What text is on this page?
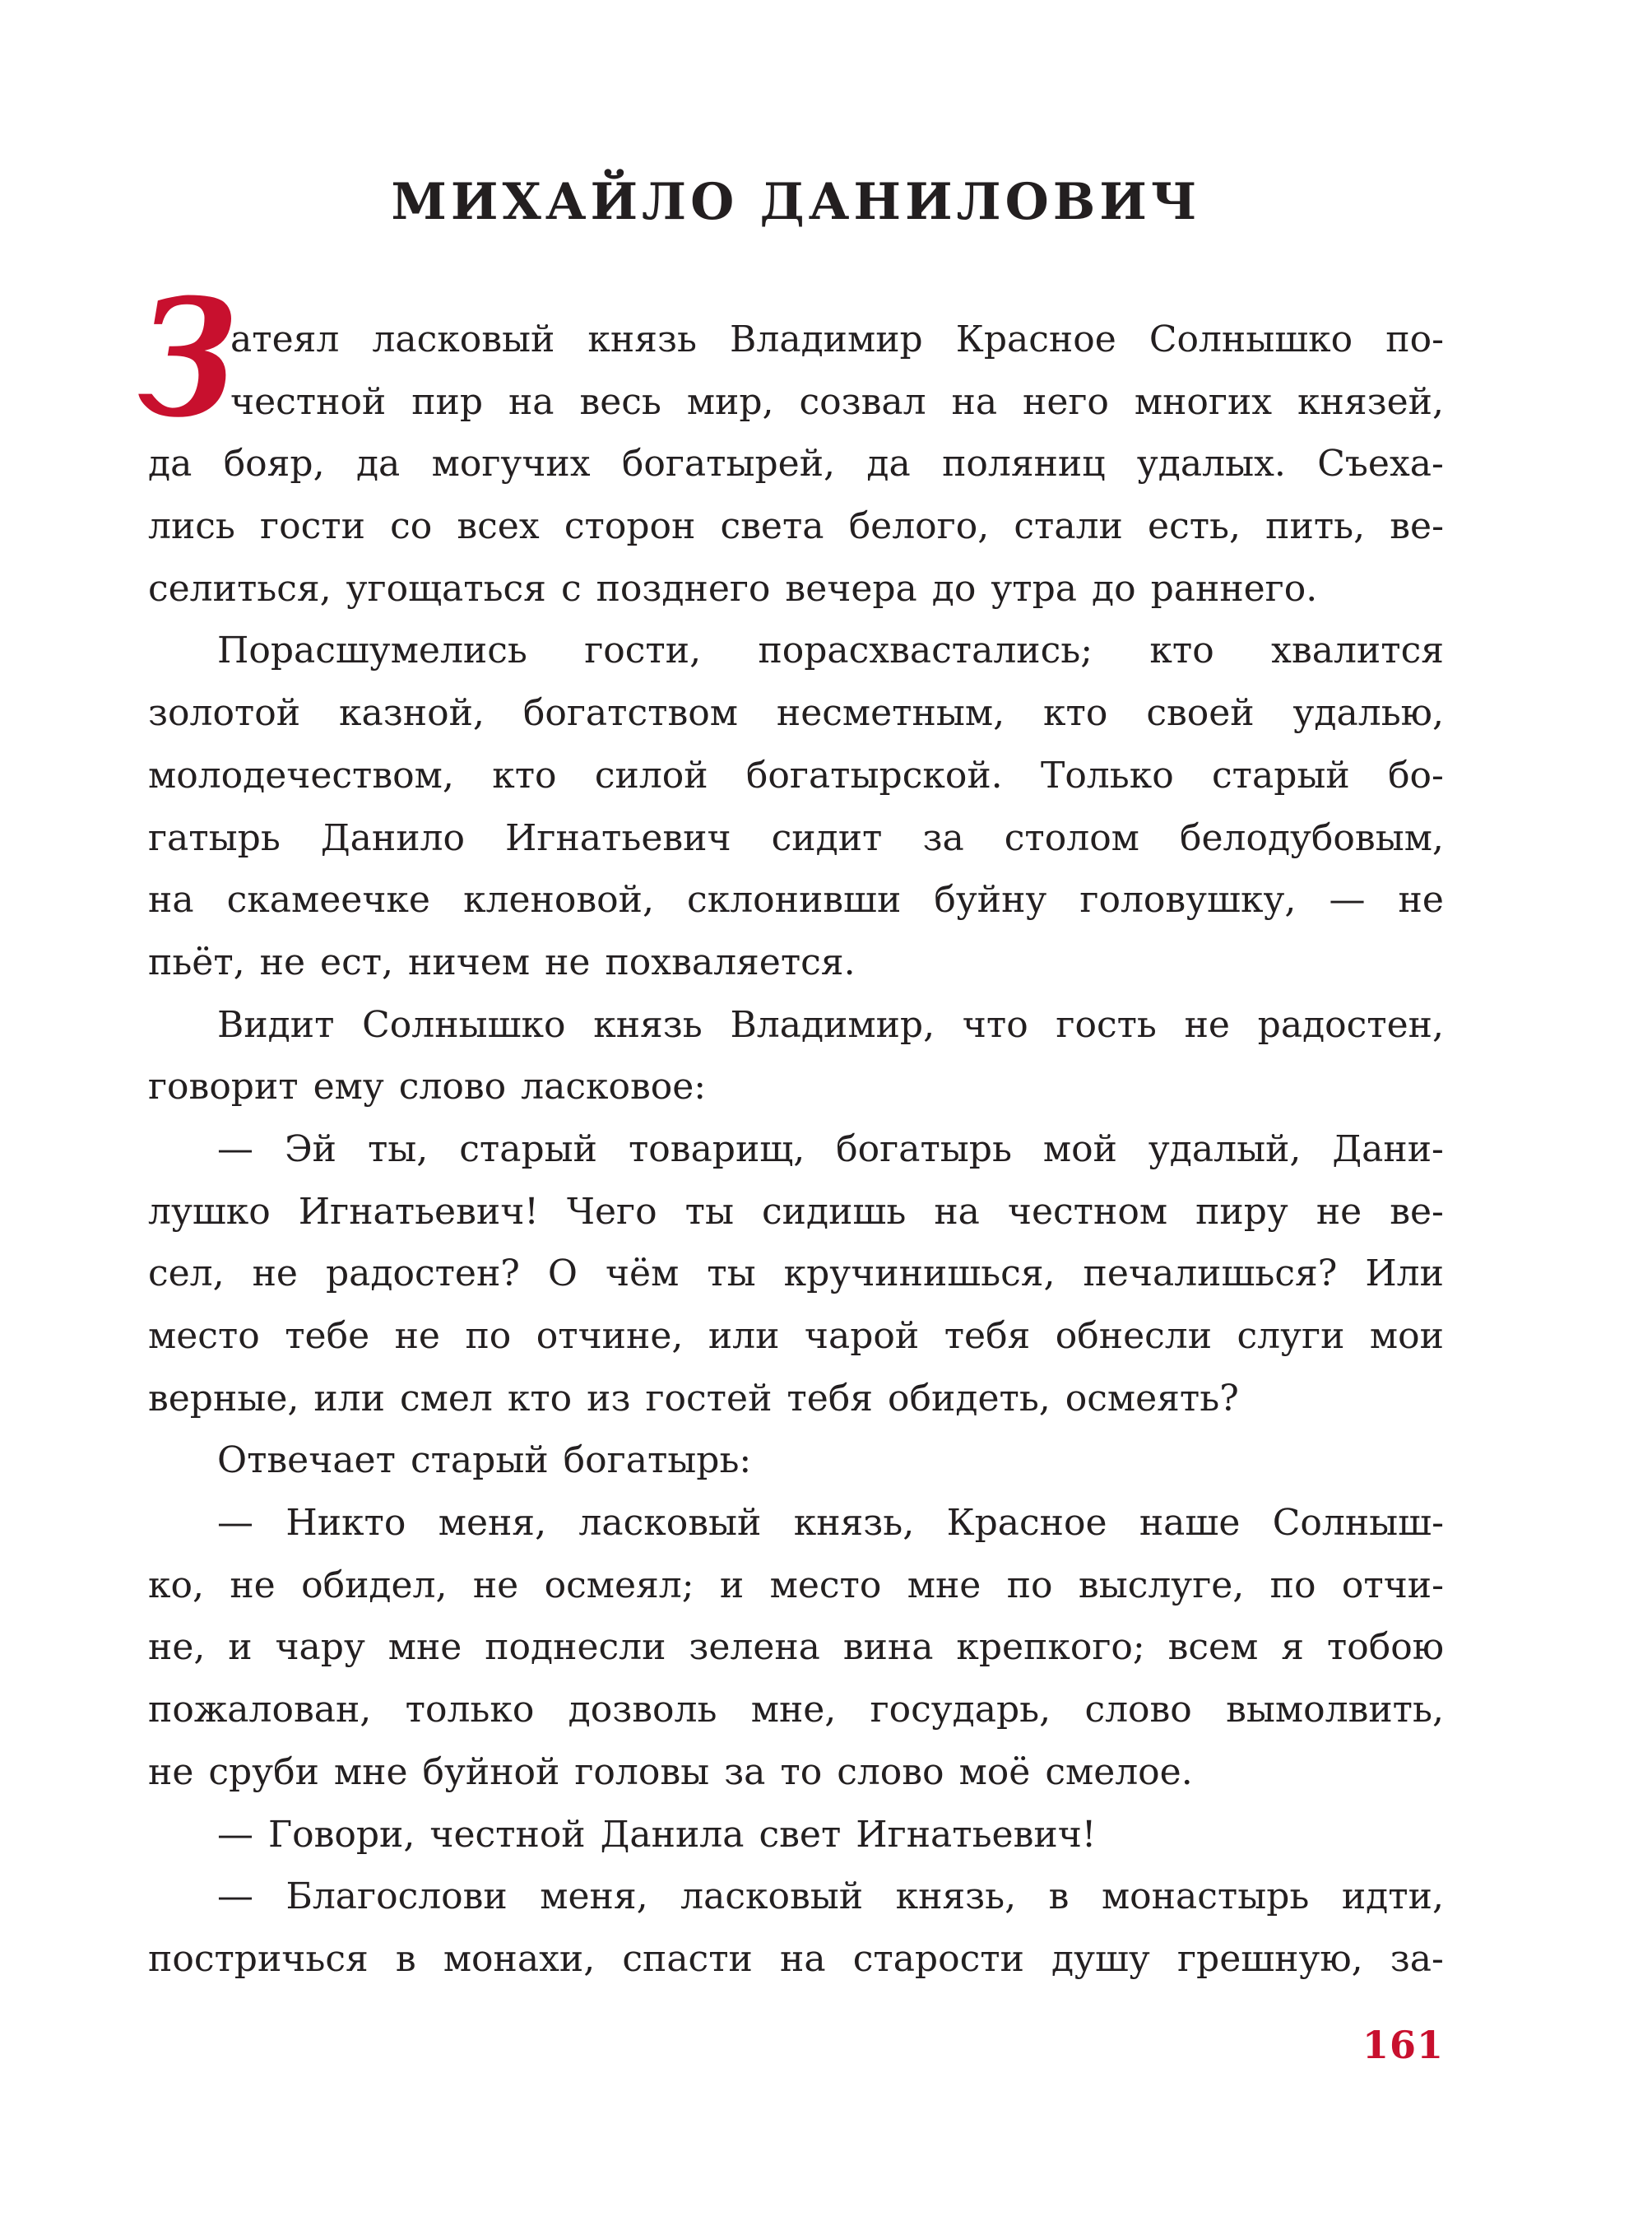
МИХАЙЛО ДАНИЛОВИЧ
З
атеял ласковый князь Владимир Красное Солнышко по-
честной пир на весь мир, созвал на него многих князей,
да бояр, да могучих богатырей, да поляниц удалых. Съеха-
лись гости со всех сторон света белого, стали есть, пить, ве-
селиться, угощаться с позднего вечера до утра до раннего.
Порасшумелись гости, порасхвастались; кто хвалится
золотой казной, богатством несметным, кто своей удалью,
молодечеством, кто силой богатырской. Только старый бо-
гатырь Данило Игнатьевич сидит за столом белодубовым,
на скамеечке кленовой, склонивши буйну головушку, — не
пьёт, не ест, ничем не похваляется.
Видит Солнышко князь Владимир, что гость не радостен,
говорит ему слово ласковое:
— Эй ты, старый товарищ, богатырь мой удалый, Дани-
лушко Игнатьевич! Чего ты сидишь на честном пиру не ве-
сел, не радостен? О чём ты кручинишься, печалишься? Или
место тебе не по отчине, или чарой тебя обнесли слуги мои
верные, или смел кто из гостей тебя обидеть, осмеять?
Отвечает старый богатырь:
— Никто меня, ласковый князь, Красное наше Солныш-
ко, не обидел, не осмеял; и место мне по выслуге, по отчи-
не, и чару мне поднесли зелена вина крепкого; всем я тобою
пожалован, только дозволь мне, государь, слово вымолвить,
не сруби мне буйной головы за то слово моё смелое.
— Говори, честной Данила свет Игнатьевич!
— Благослови меня, ласковый князь, в монастырь идти,
постричься в монахи, спасти на старости душу грешную, за-
161
